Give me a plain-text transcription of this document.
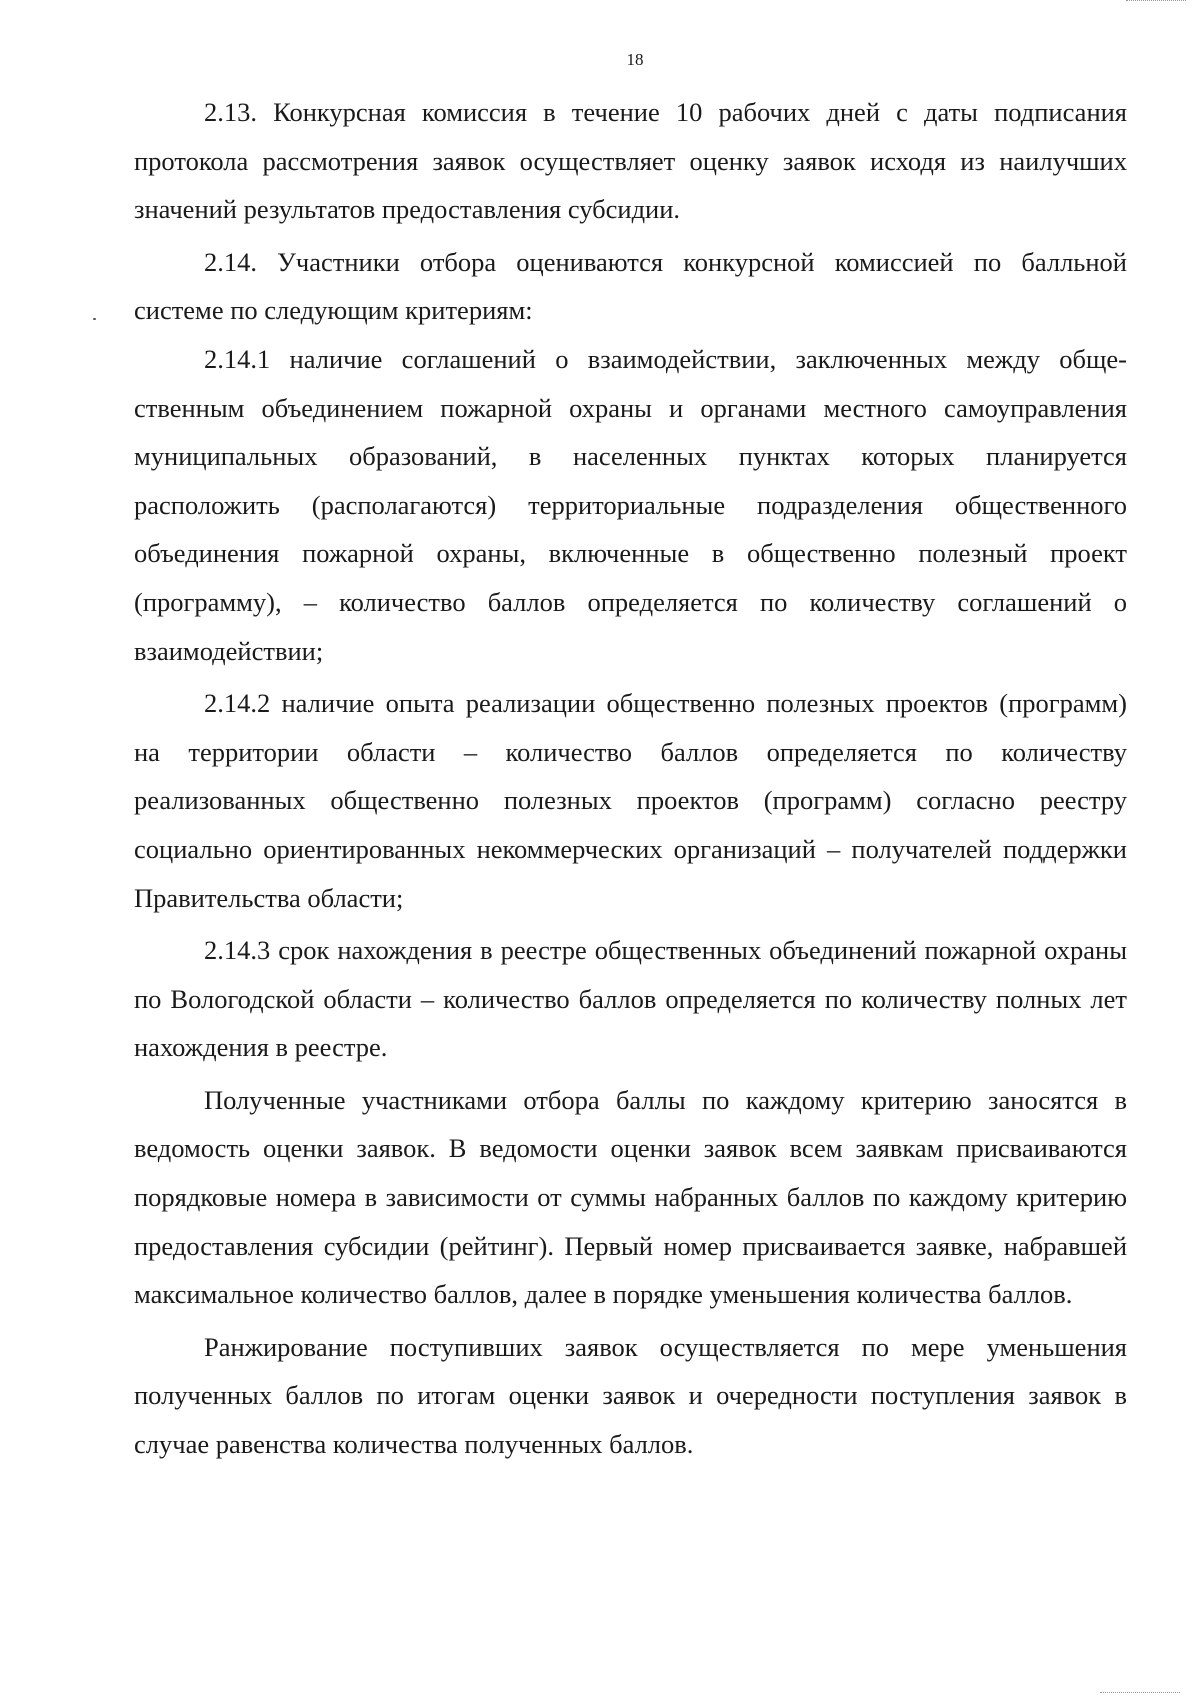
18

2.13. Конкурсная комиссия в течение 10 рабочих дней с даты подписания протокола рассмотрения заявок осуществляет оценку заявок исходя из наилучших значений результатов предоставления субсидии.

2.14. Участники отбора оцениваются конкурсной комиссией по балльной системе по следующим критериям:

2.14.1 наличие соглашений о взаимодействии, заключенных между общественным объединением пожарной охраны и органами местного самоуправления муниципальных образований, в населенных пунктах которых планируется расположить (располагаются) территориальные подразделения общественного объединения пожарной охраны, включенные в общественно полезный проект (программу), – количество баллов определяется по количеству соглашений о взаимодействии;

2.14.2 наличие опыта реализации общественно полезных проектов (программ) на территории области – количество баллов определяется по количеству реализованных общественно полезных проектов (программ) согласно реестру социально ориентированных некоммерческих организаций – получателей поддержки Правительства области;

2.14.3 срок нахождения в реестре общественных объединений пожарной охраны по Вологодской области – количество баллов определяется по количеству полных лет нахождения в реестре.

Полученные участниками отбора баллы по каждому критерию заносятся в ведомость оценки заявок. В ведомости оценки заявок всем заявкам присваиваются порядковые номера в зависимости от суммы набранных баллов по каждому критерию предоставления субсидии (рейтинг). Первый номер присваивается заявке, набравшей максимальное количество баллов, далее в порядке уменьшения количества баллов.

Ранжирование поступивших заявок осуществляется по мере уменьшения полученных баллов по итогам оценки заявок и очередности поступления заявок в случае равенства количества полученных баллов.
